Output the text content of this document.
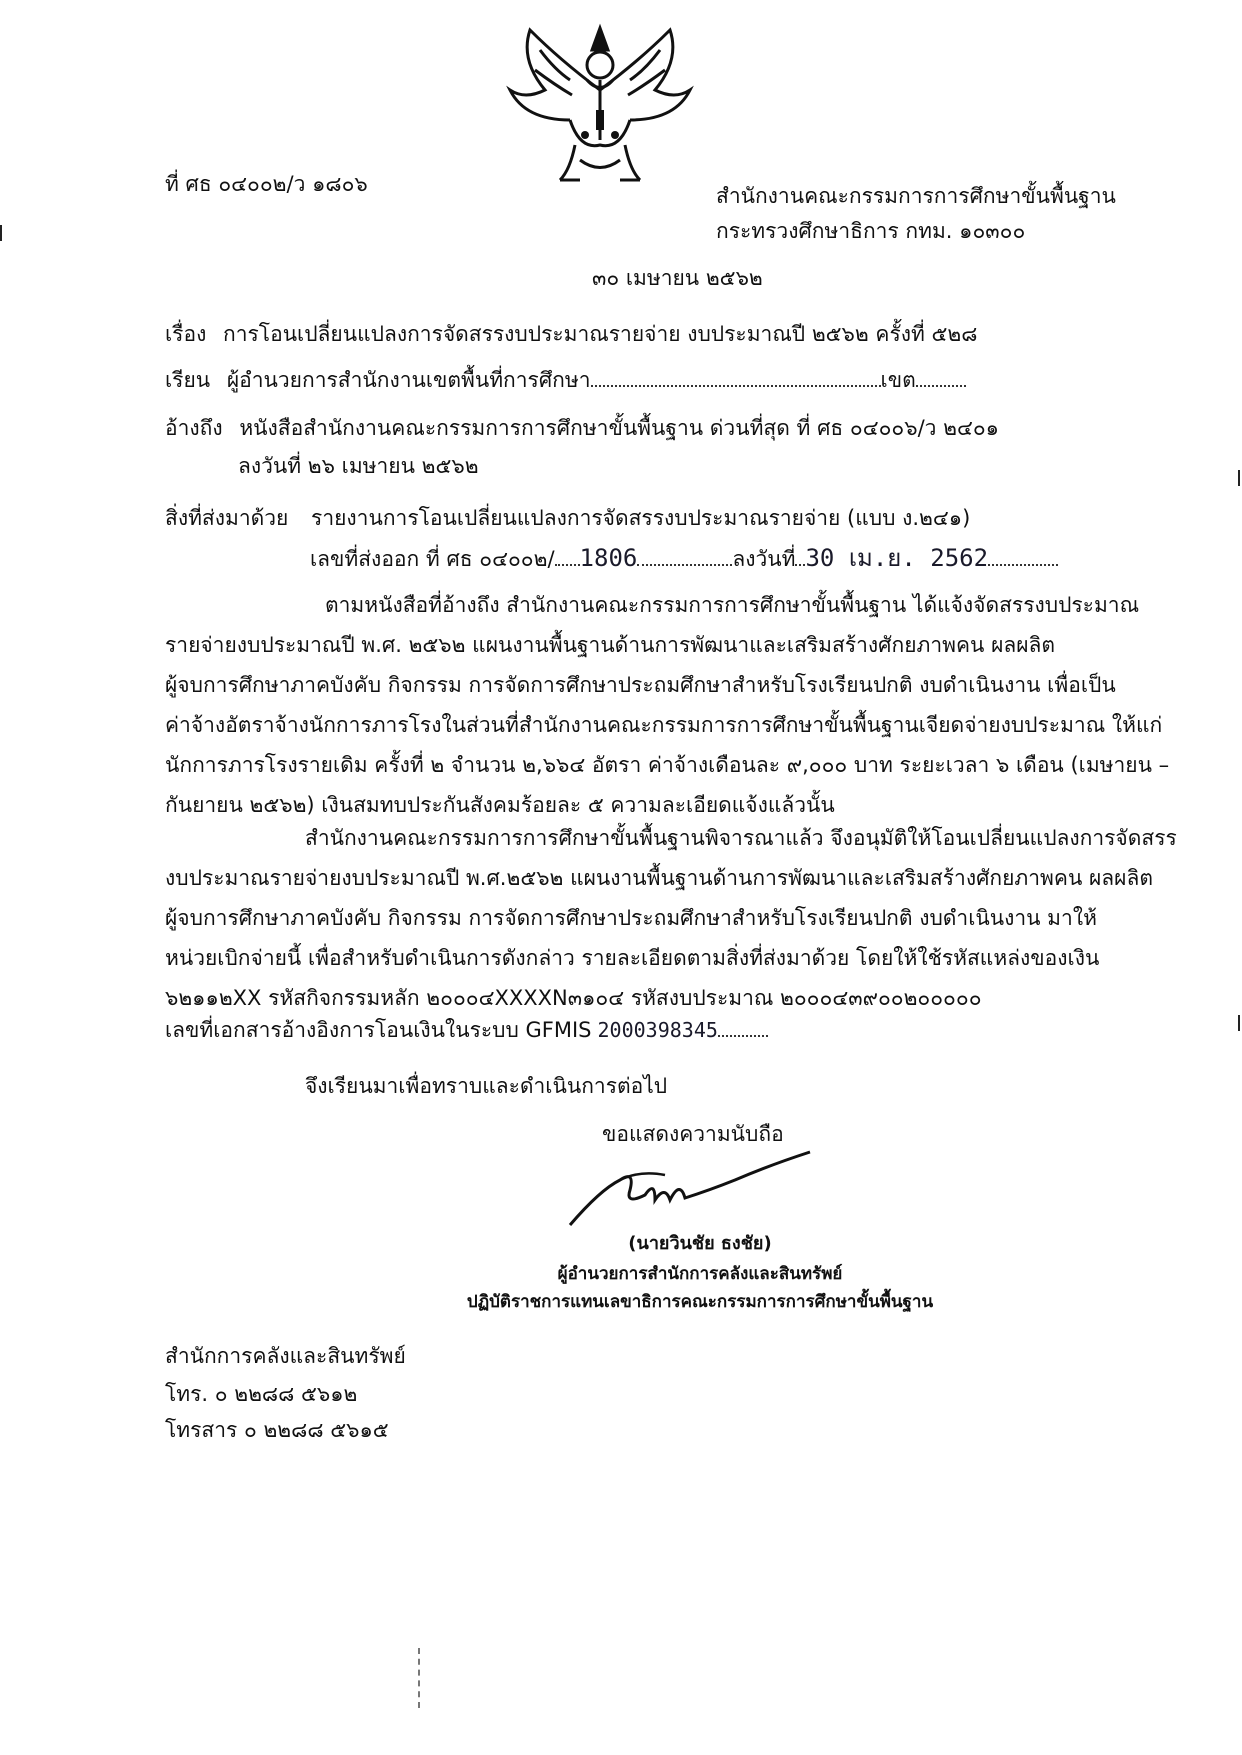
ที่ ศธ ๐๔๐๐๒/ว ๑๘๐๖	สำนักงานคณะกรรมการการศึกษาขั้นพื้นฐาน
กระทรวงศึกษาธิการ กทม. ๑๐๓๐๐
๓๐ เมษายน ๒๕๖๒
เรื่อง การโอนเปลี่ยนแปลงการจัดสรรงบประมาณรายจ่าย งบประมาณปี ๒๕๖๒ ครั้งที่ ๕๒๘
เรียน ผู้อำนวยการสำนักงานเขตพื้นที่การศึกษา	เขต
อ้างถึง หนังสือสำนักงานคณะกรรมการการศึกษาขั้นพื้นฐาน ด่วนที่สุด ที่ ศธ ๐๔๐๐๖/ว ๒๔๐๑
ลงวันที่ ๒๖ เมษายน ๒๕๖๒
สิ่งที่ส่งมาด้วย รายงานการโอนเปลี่ยนแปลงการจัดสรรงบประมาณรายจ่าย (แบบ ง.๒๔๑)
เลขที่ส่งออก ที่ ศธ ๐๔๐๐๒/ 1806	ลงวันที่ 30 เม.ย. 2562
ตามหนังสือที่อ้างถึง สำนักงานคณะกรรมการการศึกษาขั้นพื้นฐาน ได้แจ้งจัดสรรงบประมาณ
รายจ่ายงบประมาณปี พ.ศ. ๒๕๖๒ แผนงานพื้นฐานด้านการพัฒนาและเสริมสร้างศักยภาพคน ผลผลิต
ผู้จบการศึกษาภาคบังคับ กิจกรรม การจัดการศึกษาประถมศึกษาสำหรับโรงเรียนปกติ งบดำเนินงาน เพื่อเป็น
ค่าจ้างอัตราจ้างนักการภารโรงในส่วนที่สำนักงานคณะกรรมการการศึกษาขั้นพื้นฐานเจียดจ่ายงบประมาณ ให้แก่
นักการภารโรงรายเดิม ครั้งที่ ๒ จำนวน ๒,๖๖๔ อัตรา ค่าจ้างเดือนละ ๙,๐๐๐ บาท ระยะเวลา ๖ เดือน (เมษายน –
กันยายน ๒๕๖๒) เงินสมทบประกันสังคมร้อยละ ๕ ความละเอียดแจ้งแล้วนั้น
สำนักงานคณะกรรมการการศึกษาขั้นพื้นฐานพิจารณาแล้ว จึงอนุมัติให้โอนเปลี่ยนแปลงการจัดสรร
งบประมาณรายจ่ายงบประมาณปี พ.ศ.๒๕๖๒ แผนงานพื้นฐานด้านการพัฒนาและเสริมสร้างศักยภาพคน ผลผลิต
ผู้จบการศึกษาภาคบังคับ กิจกรรม การจัดการศึกษาประถมศึกษาสำหรับโรงเรียนปกติ งบดำเนินงาน มาให้
หน่วยเบิกจ่ายนี้ เพื่อสำหรับดำเนินการดังกล่าว รายละเอียดตามสิ่งที่ส่งมาด้วย โดยให้ใช้รหัสแหล่งของเงิน
๖๒๑๑๒XX รหัสกิจกรรมหลัก ๒๐๐๐๔XXXXN๓๑๐๔ รหัสงบประมาณ ๒๐๐๐๔๓๙๐๐๒๐๐๐๐๐
เลขที่เอกสารอ้างอิงการโอนเงินในระบบ GFMIS 2000398345
จึงเรียนมาเพื่อทราบและดำเนินการต่อไป
ขอแสดงความนับถือ
(นายวินชัย ธงชัย)
ผู้อำนวยการสำนักการคลังและสินทรัพย์
ปฏิบัติราชการแทนเลขาธิการคณะกรรมการการศึกษาขั้นพื้นฐาน
สำนักการคลังและสินทรัพย์
โทร. ๐ ๒๒๘๘ ๕๖๑๒
โทรสาร ๐ ๒๒๘๘ ๕๖๑๕
